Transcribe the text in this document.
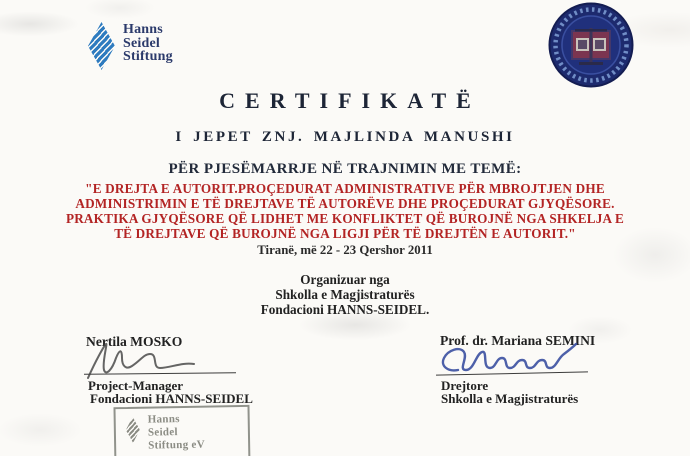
Hanns
Seidel
Stiftung
CERTIFIKATË
I JEPET ZNJ. MAJLINDA MANUSHI
PËR PJESËMARRJE NË TRAJNIMIN ME TEMË:
"E DREJTA E AUTORIT.PROÇEDURAT ADMINISTRATIVE PËR MBROJTJEN DHE
ADMINISTRIMIN E TË DREJTAVE TË AUTORËVE DHE PROÇEDURAT GJYQËSORE.
PRAKTIKA GJYQËSORE QË LIDHET ME KONFLIKTET QË BUROJNË NGA SHKELJA E
TË DREJTAVE QË BUROJNË NGA LIGJI PËR TË DREJTËN E AUTORIT."
Tiranë, më 22 - 23 Qershor 2011
Organizuar nga
Shkolla e Magjistraturës
Fondacioni HANNS-SEIDEL.
Nertila MOSKO
Project-Manager
Fondacioni HANNS-SEIDEL
Prof. dr. Mariana SEMINI
Drejtore
Shkolla e Magjistraturës
Hanns
Seidel
Stiftung eV
